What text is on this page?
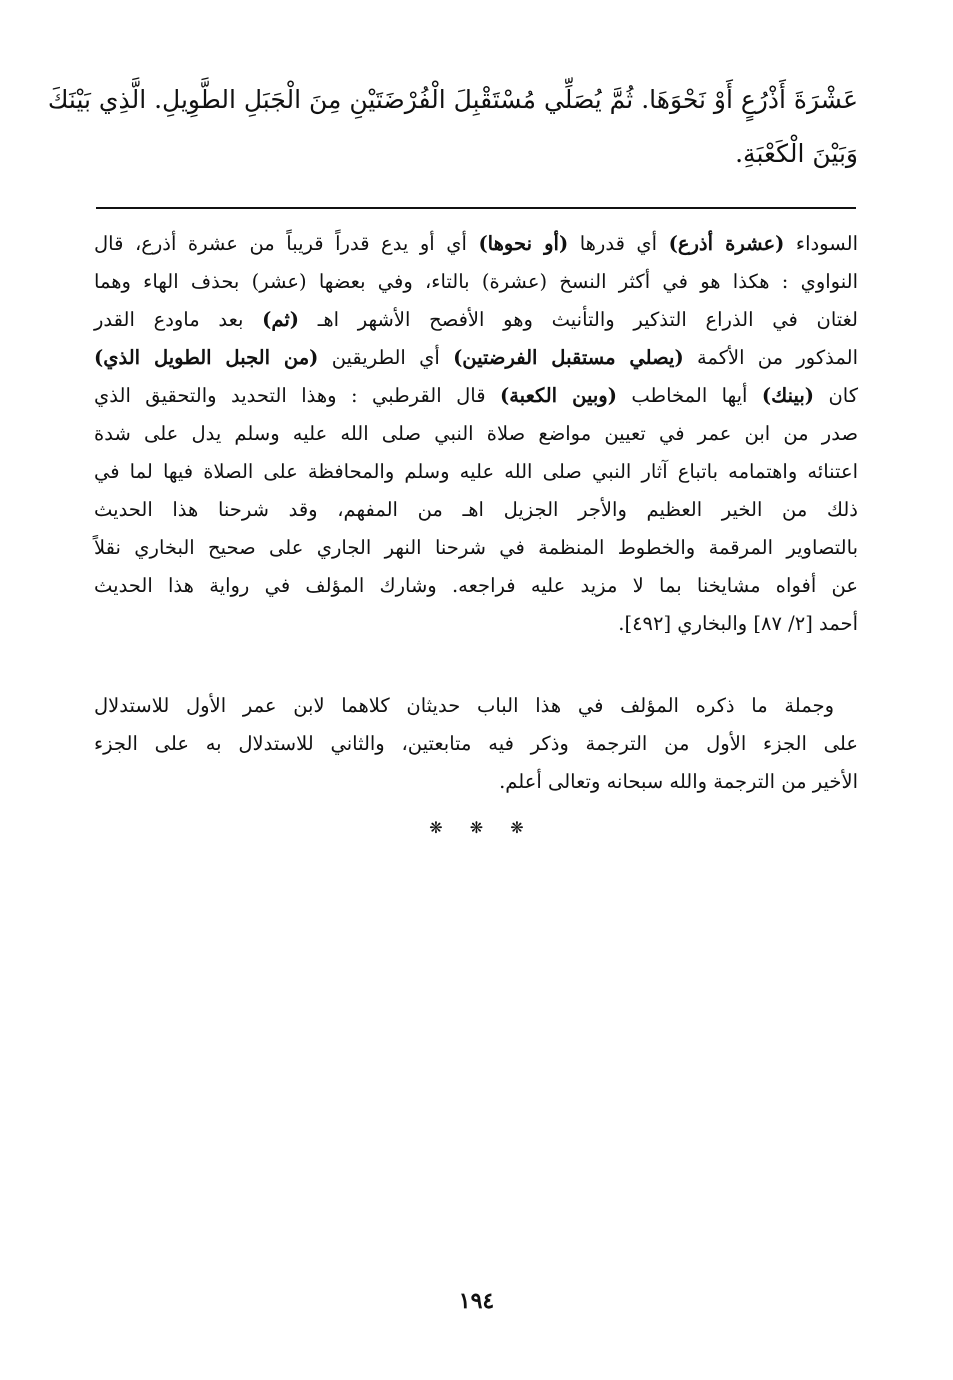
عَشْرَةَ أَذْرُعٍ أَوْ نَحْوَهَا. ثُمَّ يُصَلِّي مُسْتَقْبِلَ الْفُرْضَتَيْنِ مِنَ الْجَبَلِ الطَّوِيلِ. الَّذِي بَيْنَكَ
وَبَيْنَ الْكَعْبَةِ.
السوداء (عشرة أذرع) أي قدرها (أو نحوها) أي أو يدع قدراً قريباً من عشرة أذرع، قال
النواوي : هكذا هو في أكثر النسخ (عشرة) بالتاء، وفي بعضها (عشر) بحذف الهاء وهما
لغتان في الذراع التذكير والتأنيث وهو الأفصح الأشهر اهـ (ثم) بعد ماودع القدر
المذكور من الأكمة (يصلي مستقبل الفرضتين) أي الطريقين (من الجبل الطويل الذي)
كان (بينك) أيها المخاطب (وبين الكعبة) قال القرطبي : وهذا التحديد والتحقيق الذي
صدر من ابن عمر في تعيين مواضع صلاة النبي صلى الله عليه وسلم يدل على شدة
اعتنائه واهتمامه باتباع آثار النبي صلى الله عليه وسلم والمحافظة على الصلاة فيها لما في
ذلك من الخير العظيم والأجر الجزيل اهـ من المفهم، وقد شرحنا هذا الحديث
بالتصاوير المرقمة والخطوط المنظمة في شرحنا النهر الجاري على صحيح البخاري نقلاً
عن أفواه مشايخنا بما لا مزيد عليه فراجعه. وشارك المؤلف في رواية هذا الحديث
أحمد [٢/ ٨٧] والبخاري [٤٩٢].
وجملة ما ذكره المؤلف في هذا الباب حديثان كلاهما لابن عمر الأول للاستدلال
على الجزء الأول من الترجمة وذكر فيه متابعتين، والثاني للاستدلال به على الجزء
الأخير من الترجمة والله سبحانه وتعالى أعلم.
❋ ❋ ❋
١٩٤
